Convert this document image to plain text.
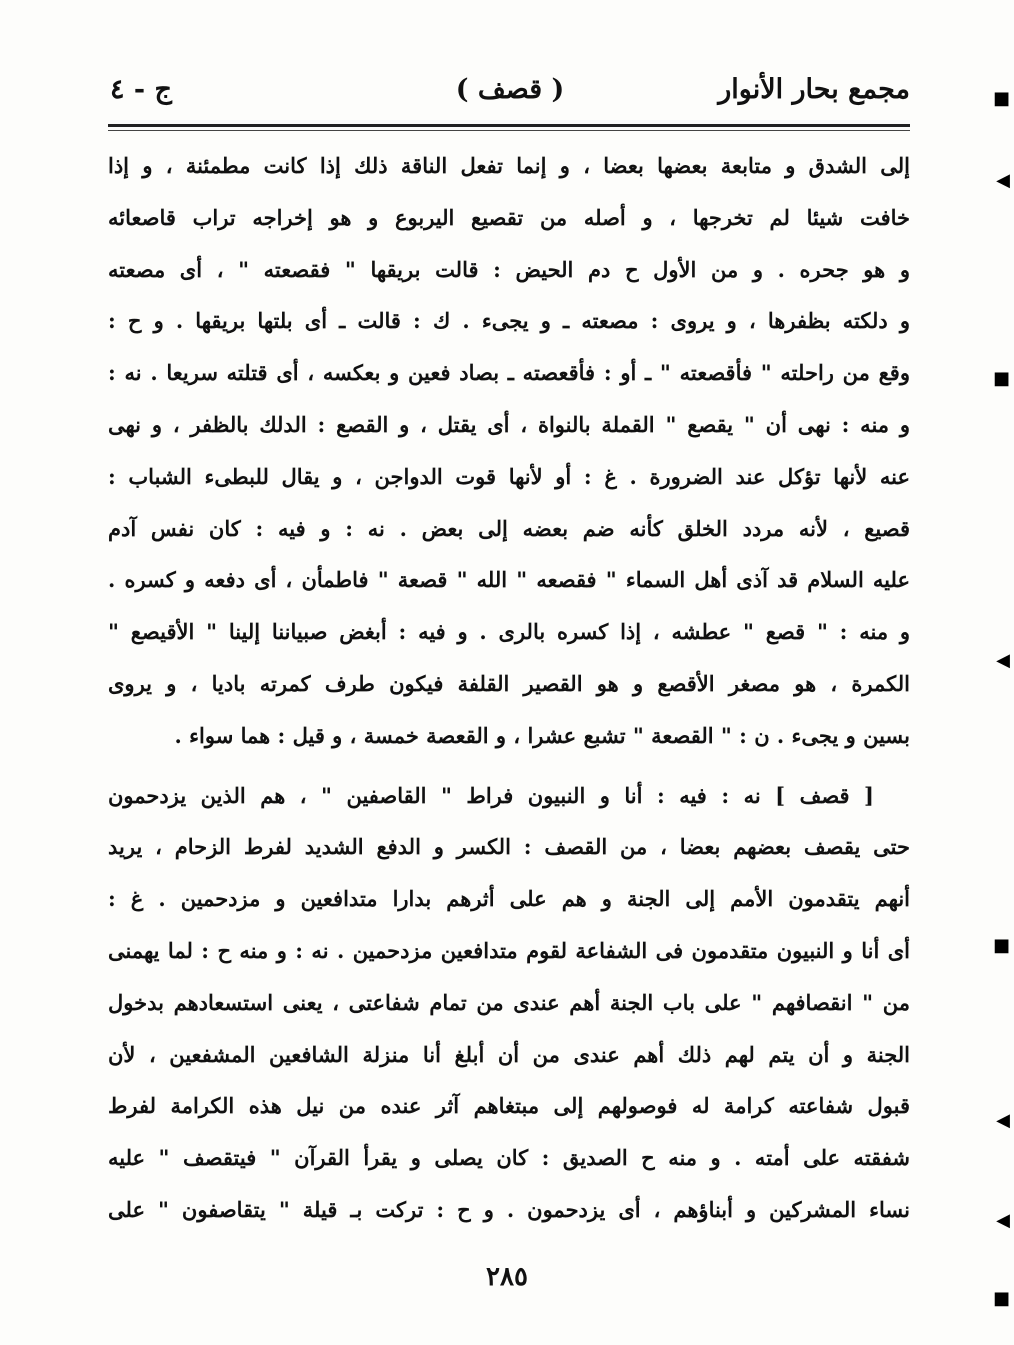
مجمع بحار الأنوار
( قصف )
ج - ٤
إلى الشدق و متابعة بعضها بعضا ، و إنما تفعل الناقة ذلك إذا كانت مطمئنة ، و إذا
خافت شيئا لم تخرجها ، و أصله من تقصيع اليربوع و هو إخراجه تراب قاصعائه
و هو جحره . و من الأول ح دم الحيض : قالت بريقها " فقصعته " ، أى مصعته
و دلكته بظفرها ، و يروى : مصعته ـ و يجىء . ك : قالت ـ أى بلتها بريقها . و ح :
وقع من راحلته " فأقصعته " ـ أو : فأقعصته ـ بصاد فعين و بعكسه ، أى قتلته سريعا . نه :
و منه : نهى أن " يقصع " القملة بالنواة ، أى يقتل ، و القصع : الدلك بالظفر ، و نهى
عنه لأنها تؤكل عند الضرورة . غ : أو لأنها قوت الدواجن ، و يقال للبطىء الشباب :
قصيع ، لأنه مردد الخلق كأنه ضم بعضه إلى بعض . نه : و فيه : كان نفس آدم
عليه السلام قد آذى أهل السماء " فقصعه " الله " قصعة " فاطمأن ، أى دفعه و كسره .
و منه : " قصع " عطشه ، إذا كسره بالرى . و فيه : أبغض صبياننا إلينا " الأقيصع "
الكمرة ، هو مصغر الأقصع و هو القصير القلفة فيكون طرف كمرته باديا ، و يروى
بسين و يجىء . ن : " القصعة " تشبع عشرا ، و القعصة خمسة ، و قيل : هما سواء .
[ قصف ] نه : فيه : أنا و النبيون فراط " القاصفين " ، هم الذين يزدحمون
حتى يقصف بعضهم بعضا ، من القصف : الكسر و الدفع الشديد لفرط الزحام ، يريد
أنهم يتقدمون الأمم إلى الجنة و هم على أثرهم بدارا متدافعين و مزدحمين . غ :
أى أنا و النبيون متقدمون فى الشفاعة لقوم متدافعين مزدحمين . نه : و منه ح : لما يهمنى
من " انقصافهم " على باب الجنة أهم عندى من تمام شفاعتى ، يعنى استسعادهم بدخول
الجنة و أن يتم لهم ذلك أهم عندى من أن أبلغ أنا منزلة الشافعين المشفعين ، لأن
قبول شفاعته كرامة له فوصولهم إلى مبتغاهم آثر عنده من نيل هذه الكرامة لفرط
شفقته على أمته . و منه ح الصديق : كان يصلى و يقرأ القرآن " فيتقصف " عليه
نساء المشركين و أبناؤهم ، أى يزدحمون . و ح : تركت بـ قيلة " يتقاصفون " على
٢٨٥
■
◀
■
◀
■
◀
◀
■
